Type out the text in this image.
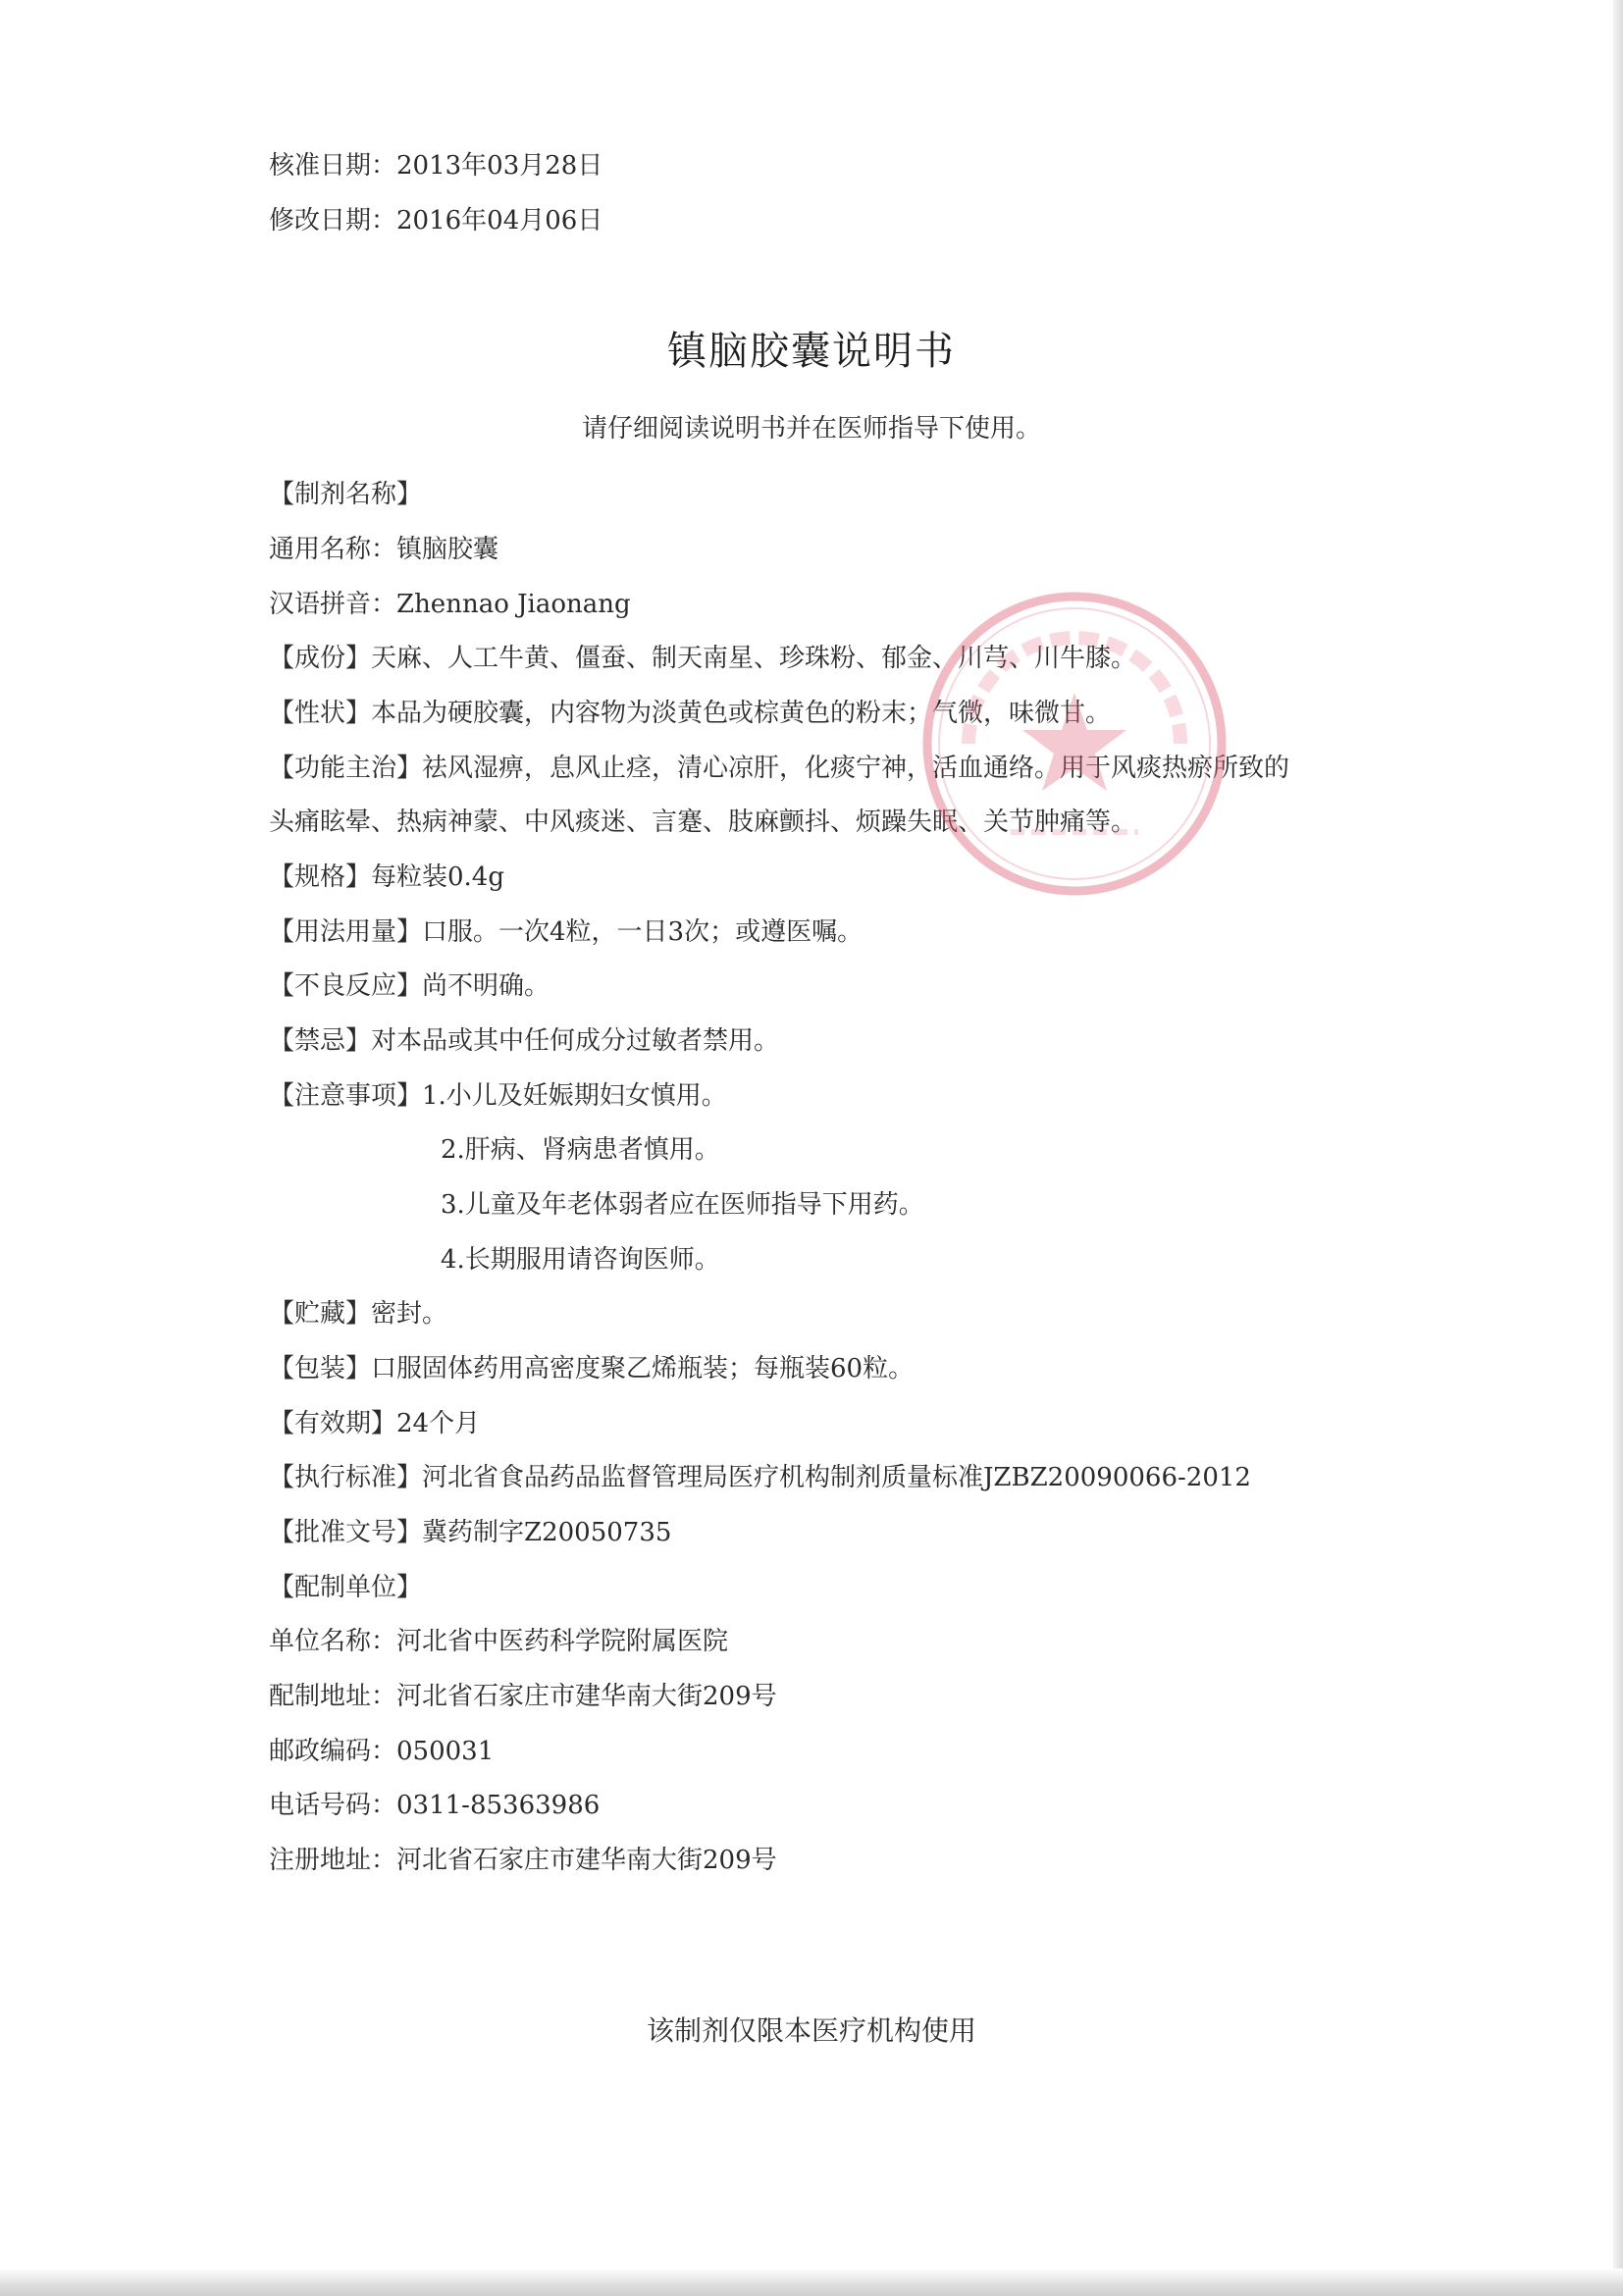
核准日期：2013年03月28日
修改日期：2016年04月06日
镇脑胶囊说明书
请仔细阅读说明书并在医师指导下使用。
【制剂名称】
通用名称：镇脑胶囊
汉语拼音：Zhennao Jiaonang
【成份】天麻、人工牛黄、僵蚕、制天南星、珍珠粉、郁金、川芎、川牛膝。
【性状】本品为硬胶囊，内容物为淡黄色或棕黄色的粉末；气微，味微甘。
【功能主治】祛风湿痹，息风止痉，清心凉肝，化痰宁神，活血通络。用于风痰热瘀所致的
头痛眩晕、热病神蒙、中风痰迷、言蹇、肢麻颤抖、烦躁失眠、关节肿痛等。
【规格】每粒装0.4g
【用法用量】口服。一次4粒，一日3次；或遵医嘱。
【不良反应】尚不明确。
【禁忌】对本品或其中任何成分过敏者禁用。
【注意事项】1.小儿及妊娠期妇女慎用。
2.肝病、肾病患者慎用。
3.儿童及年老体弱者应在医师指导下用药。
4.长期服用请咨询医师。
【贮藏】密封。
【包装】口服固体药用高密度聚乙烯瓶装；每瓶装60粒。
【有效期】24个月
【执行标准】河北省食品药品监督管理局医疗机构制剂质量标准JZBZ20090066-2012
【批准文号】冀药制字Z20050735
【配制单位】
单位名称：河北省中医药科学院附属医院
配制地址：河北省石家庄市建华南大街209号
邮政编码：050031
电话号码：0311-85363986
注册地址：河北省石家庄市建华南大街209号
该制剂仅限本医疗机构使用
